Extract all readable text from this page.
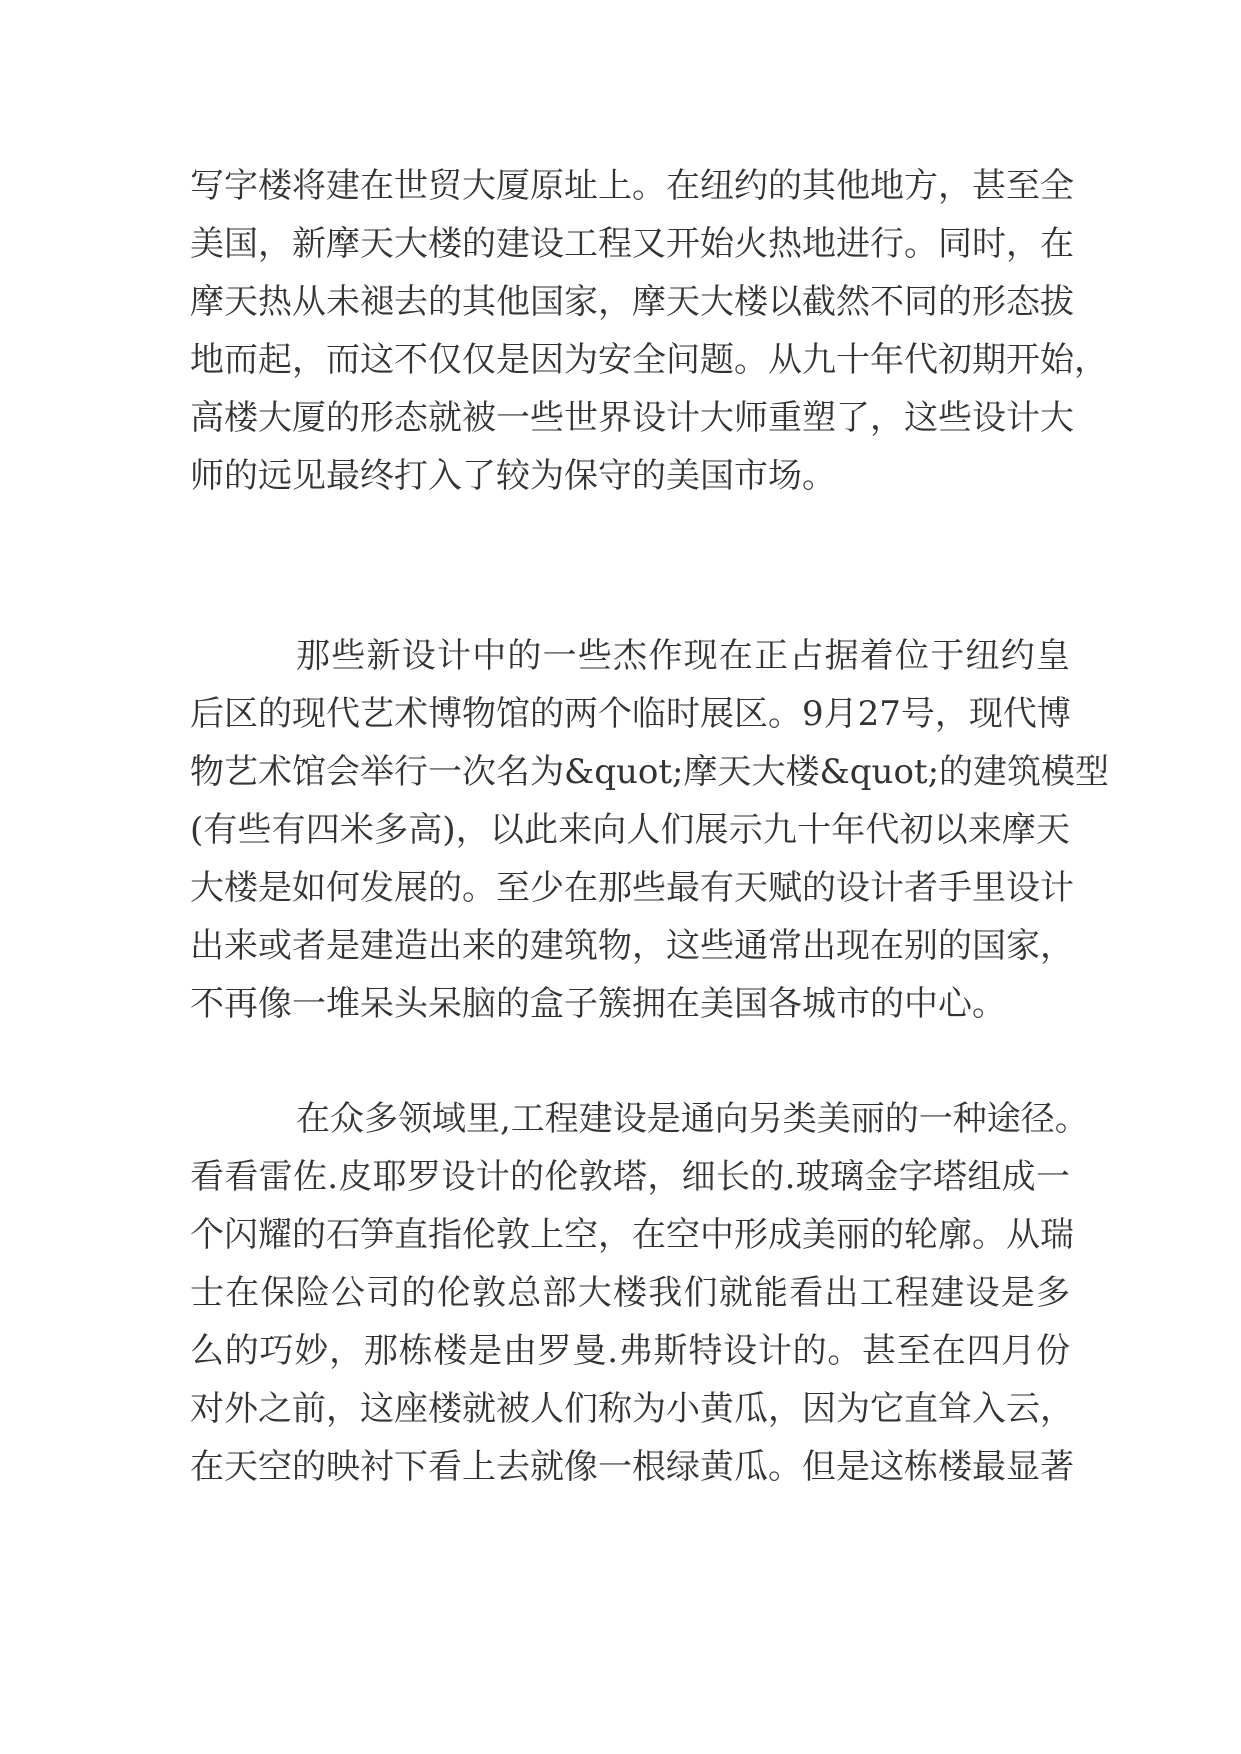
写字楼将建在世贸大厦原址上。在纽约的其他地方，甚至全
美国，新摩天大楼的建设工程又开始火热地进行。同时，在
摩天热从未褪去的其他国家，摩天大楼以截然不同的形态拔
地而起，而这不仅仅是因为安全问题。从九十年代初期开始，
高楼大厦的形态就被一些世界设计大师重塑了，这些设计大
师的远见最终打入了较为保守的美国市场。
那些新设计中的一些杰作现在正占据着位于纽约皇
后区的现代艺术博物馆的两个临时展区。9月27号，现代博
物艺术馆会举行一次名为&quot;摩天大楼&quot;的建筑模型
(有些有四米多高)，以此来向人们展示九十年代初以来摩天
大楼是如何发展的。至少在那些最有天赋的设计者手里设计
出来或者是建造出来的建筑物，这些通常出现在别的国家，
不再像一堆呆头呆脑的盒子簇拥在美国各城市的中心。
在众多领域里,工程建设是通向另类美丽的一种途径。
看看雷佐.皮耶罗设计的伦敦塔，细长的.玻璃金字塔组成一
个闪耀的石笋直指伦敦上空，在空中形成美丽的轮廓。从瑞
士在保险公司的伦敦总部大楼我们就能看出工程建设是多
么的巧妙，那栋楼是由罗曼.弗斯特设计的。甚至在四月份
对外之前，这座楼就被人们称为小黄瓜，因为它直耸入云，
在天空的映衬下看上去就像一根绿黄瓜。但是这栋楼最显著
